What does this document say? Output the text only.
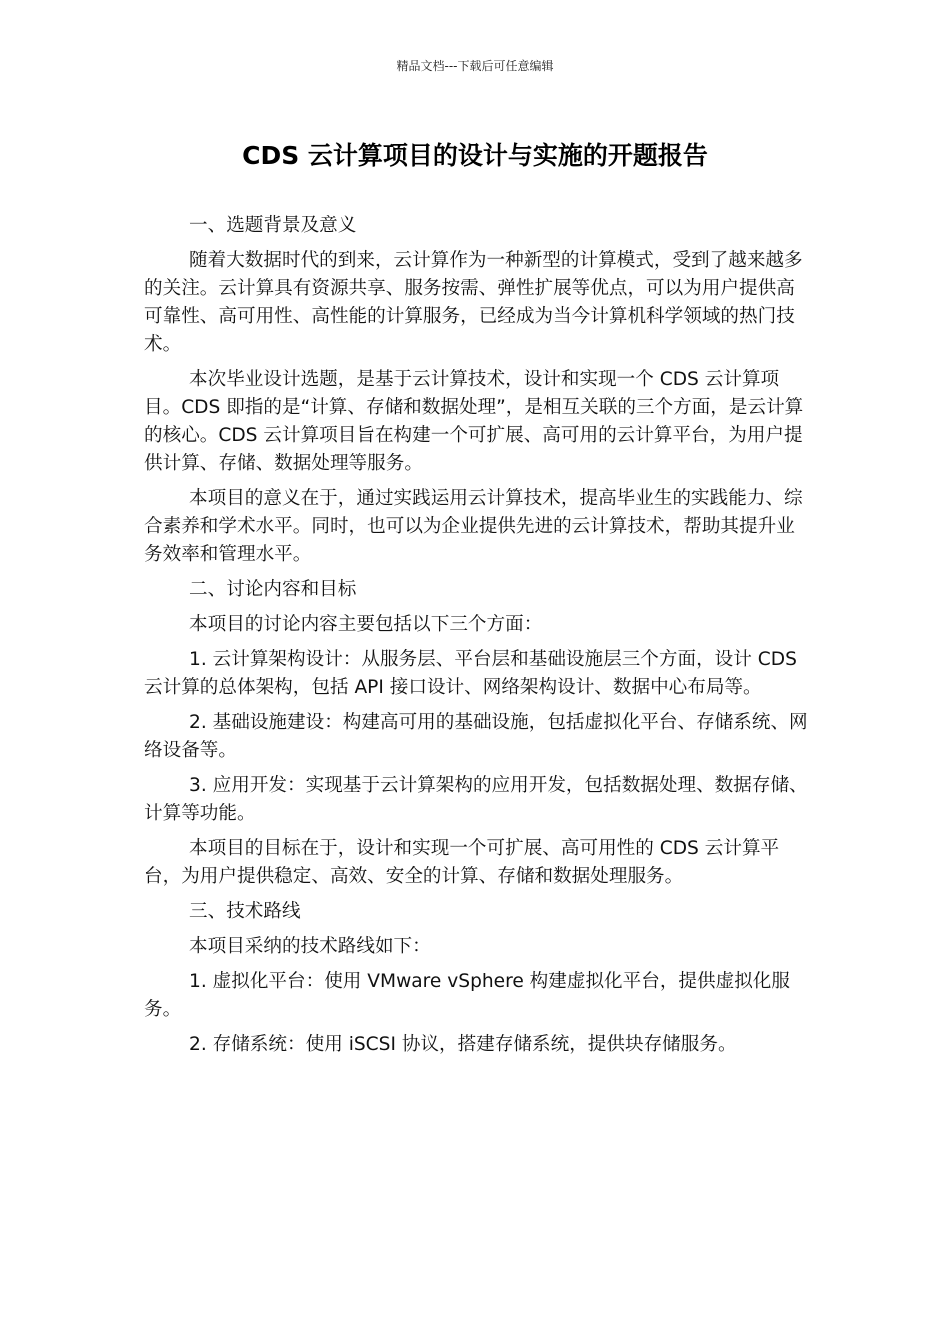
精品文档---下载后可任意编辑
CDS 云计算项目的设计与实施的开题报告

一、选题背景及意义

随着大数据时代的到来，云计算作为一种新型的计算模式，受到了越来越多的关注。云计算具有资源共享、服务按需、弹性扩展等优点，可以为用户提供高可靠性、高可用性、高性能的计算服务，已经成为当今计算机科学领域的热门技术。

本次毕业设计选题，是基于云计算技术，设计和实现一个 CDS 云计算项目。CDS 即指的是“计算、存储和数据处理”，是相互关联的三个方面，是云计算的核心。CDS 云计算项目旨在构建一个可扩展、高可用的云计算平台，为用户提供计算、存储、数据处理等服务。

本项目的意义在于，通过实践运用云计算技术，提高毕业生的实践能力、综合素养和学术水平。同时，也可以为企业提供先进的云计算技术，帮助其提升业务效率和管理水平。

二、讨论内容和目标

本项目的讨论内容主要包括以下三个方面：

1. 云计算架构设计：从服务层、平台层和基础设施层三个方面，设计 CDS 云计算的总体架构，包括 API 接口设计、网络架构设计、数据中心布局等。

2. 基础设施建设：构建高可用的基础设施，包括虚拟化平台、存储系统、网络设备等。

3. 应用开发：实现基于云计算架构的应用开发，包括数据处理、数据存储、计算等功能。

本项目的目标在于，设计和实现一个可扩展、高可用性的 CDS 云计算平台，为用户提供稳定、高效、安全的计算、存储和数据处理服务。

三、技术路线

本项目采纳的技术路线如下：

1. 虚拟化平台：使用 VMware vSphere 构建虚拟化平台，提供虚拟化服务。

2. 存储系统：使用 iSCSI 协议，搭建存储系统，提供块存储服务。
